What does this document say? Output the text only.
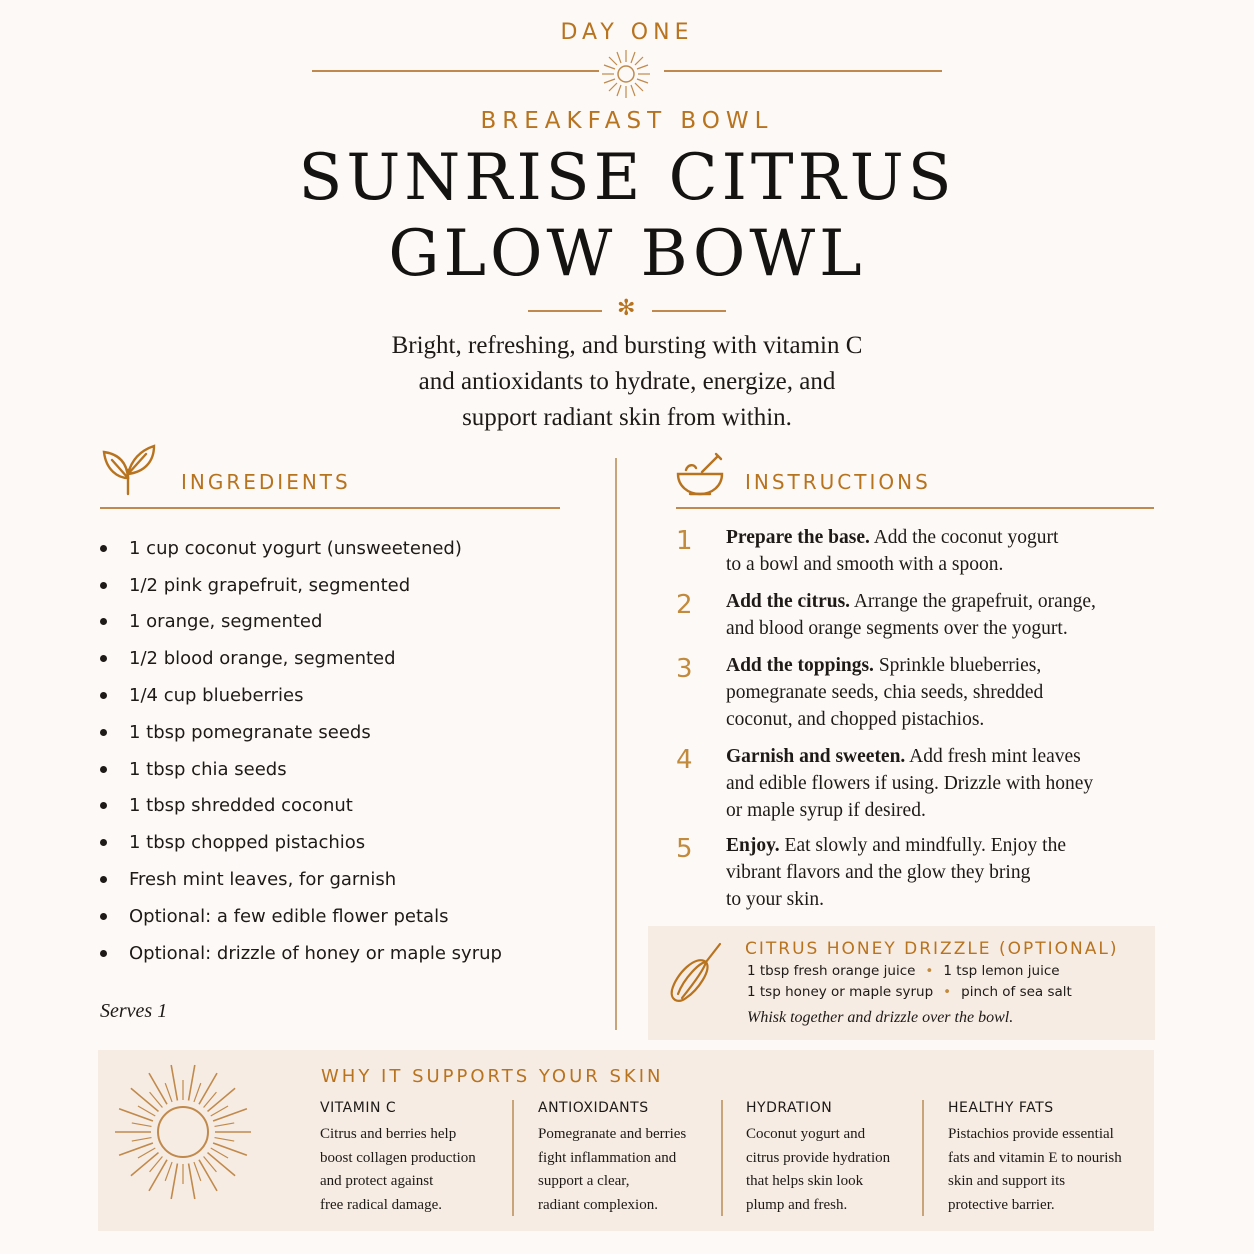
DAY ONE
BREAKFAST BOWL
SUNRISE CITRUS
GLOW BOWL
✻
Bright, refreshing, and bursting with vitamin C
and antioxidants to hydrate, energize, and
support radiant skin from within.
INGREDIENTS
1 cup coconut yogurt (unsweetened)
1/2 pink grapefruit, segmented
1 orange, segmented
1/2 blood orange, segmented
1/4 cup blueberries
1 tbsp pomegranate seeds
1 tbsp chia seeds
1 tbsp shredded coconut
1 tbsp chopped pistachios
Fresh mint leaves, for garnish
Optional: a few edible flower petals
Optional: drizzle of honey or maple syrup
Serves 1
INSTRUCTIONS
1	Prepare the base. Add the coconut yogurt
to a bowl and smooth with a spoon.
2	Add the citrus. Arrange the grapefruit, orange,
and blood orange segments over the yogurt.
3	Add the toppings. Sprinkle blueberries,
pomegranate seeds, chia seeds, shredded
coconut, and chopped pistachios.
4	Garnish and sweeten. Add fresh mint leaves
and edible flowers if using. Drizzle with honey
or maple syrup if desired.
5	Enjoy. Eat slowly and mindfully. Enjoy the
vibrant flavors and the glow they bring
to your skin.
CITRUS HONEY DRIZZLE (OPTIONAL)
1 tbsp fresh orange juice • 1 tsp lemon juice
1 tsp honey or maple syrup • pinch of sea salt
Whisk together and drizzle over the bowl.
WHY IT SUPPORTS YOUR SKIN
VITAMIN C
Citrus and berries help
boost collagen production
and protect against
free radical damage.
ANTIOXIDANTS
Pomegranate and berries
fight inflammation and
support a clear,
radiant complexion.
HYDRATION
Coconut yogurt and
citrus provide hydration
that helps skin look
plump and fresh.
HEALTHY FATS
Pistachios provide essential
fats and vitamin E to nourish
skin and support its
protective barrier.
